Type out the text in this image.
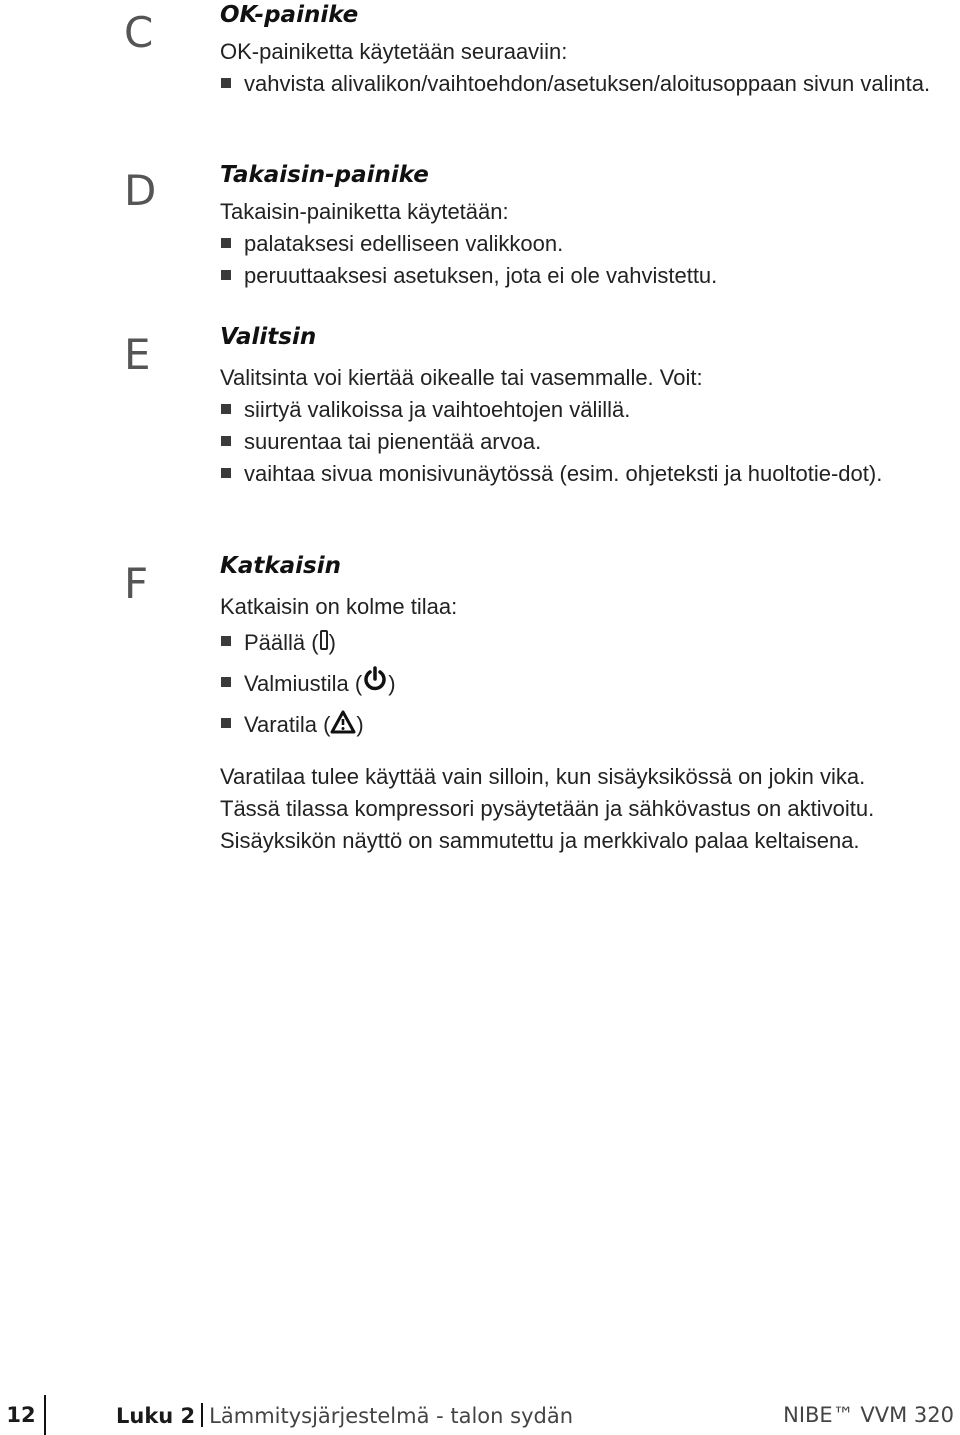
C
D
E
F
OK-painike
OK-painiketta käytetään seuraaviin:
vahvista alivalikon/vaihtoehdon/asetuksen/aloitusoppaan sivun valinta.
Takaisin-painike
Takaisin-painiketta käytetään:
palataksesi edelliseen valikkoon.
peruuttaaksesi asetuksen, jota ei ole vahvistettu.
Valitsin
Valitsinta voi kiertää oikealle tai vasemmalle. Voit:
siirtyä valikoissa ja vaihtoehtojen välillä.
suurentaa tai pienentää arvoa.
vaihtaa sivua monisivunäytössä (esim. ohjeteksti ja huoltotie-dot).
Katkaisin
Katkaisin on kolme tilaa:
Päällä ( )
Valmiustila ( )
Varatila ( )
Varatilaa tulee käyttää vain silloin, kun sisäyksikössä on jokin vika.
Tässä tilassa kompressori pysäytetään ja sähkövastus on aktivoitu.
Sisäyksikön näyttö on sammutettu ja merkkivalo palaa keltaisena.
12	Luku 2 Lämmitysjärjestelmä - talon sydän	NIBE™ VVM 320
